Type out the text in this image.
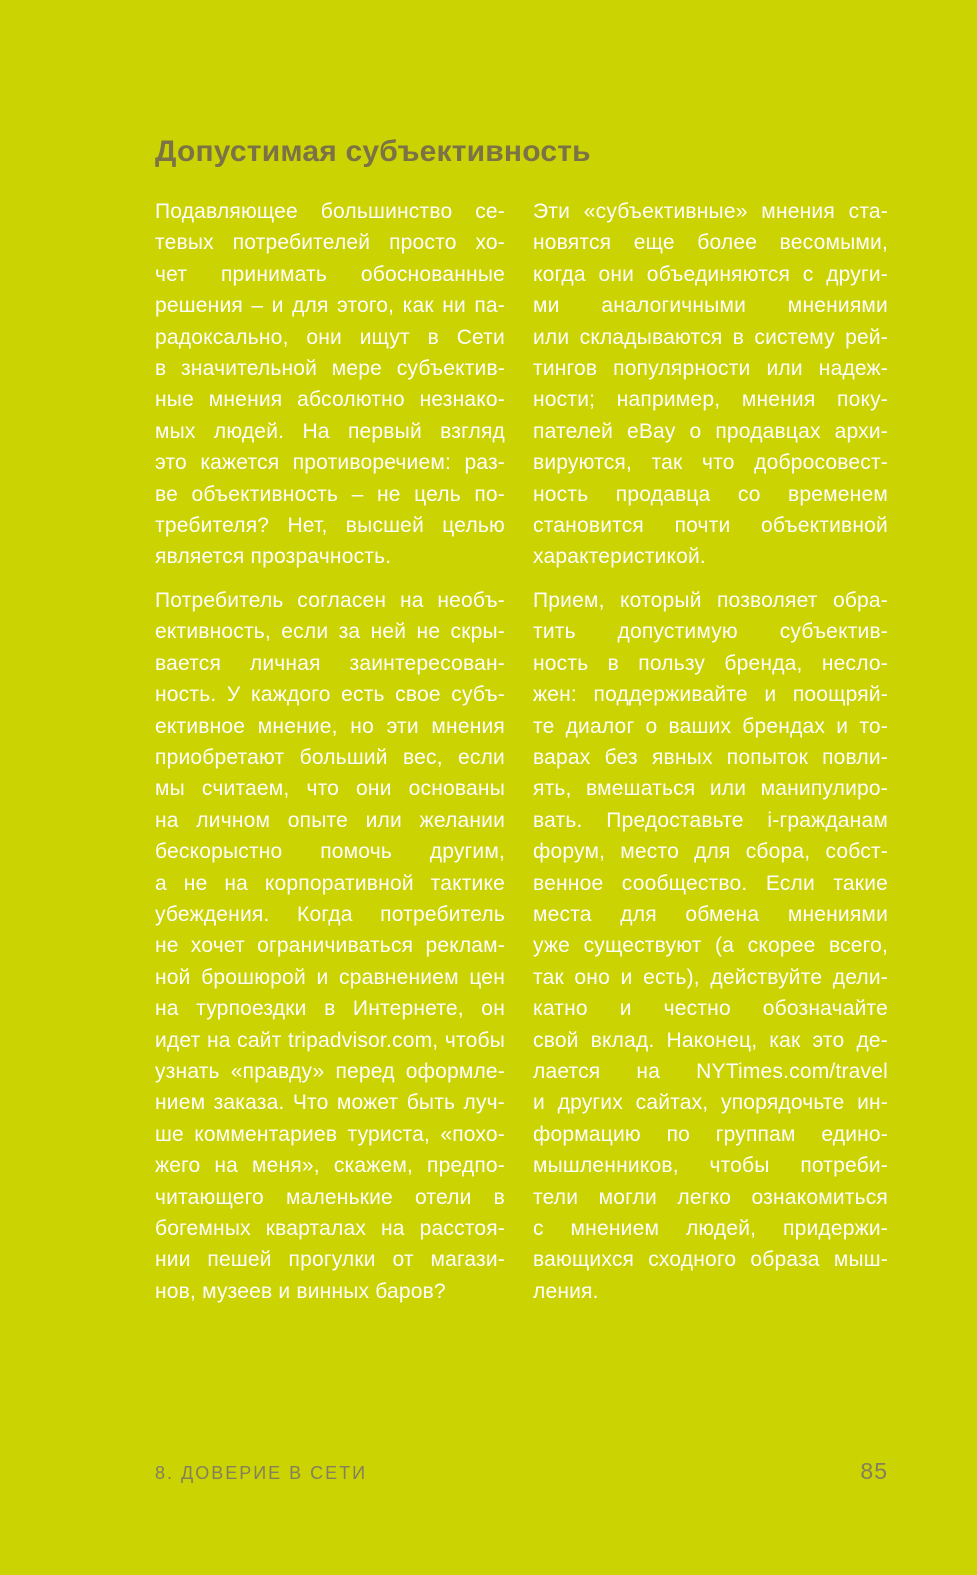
Допустимая субъективность

Подавляющее большинство се-
тевых потребителей просто хо-
чет принимать обоснованные
решения – и для этого, как ни па-
радоксально, они ищут в Сети
в значительной мере субъектив-
ные мнения абсолютно незнако-
мых людей. На первый взгляд
это кажется противоречием: раз-
ве объективность – не цель по-
требителя? Нет, высшей целью
является прозрачность.

Потребитель согласен на необъ-
ективность, если за ней не скры-
вается личная заинтересован-
ность. У каждого есть свое субъ-
ективное мнение, но эти мнения
приобретают больший вес, если
мы считаем, что они основаны
на личном опыте или желании
бескорыстно помочь другим,
а не на корпоративной тактике
убеждения. Когда потребитель
не хочет ограничиваться реклам-
ной брошюрой и сравнением цен
на турпоездки в Интернете, он
идет на сайт tripadvisor.com, чтобы
узнать «правду» перед оформле-
нием заказа. Что может быть луч-
ше комментариев туриста, «похо-
жего на меня», скажем, предпо-
читающего маленькие отели в
богемных кварталах на расстоя-
нии пешей прогулки от магази-
нов, музеев и винных баров?

Эти «субъективные» мнения ста-
новятся еще более весомыми,
когда они объединяются с други-
ми аналогичными мнениями
или складываются в систему рей-
тингов популярности или надеж-
ности; например, мнения поку-
пателей eBay о продавцах архи-
вируются, так что добросовест-
ность продавца со временем
становится почти объективной
характеристикой.

Прием, который позволяет обра-
тить допустимую субъектив-
ность в пользу бренда, несло-
жен: поддерживайте и поощряй-
те диалог о ваших брендах и то-
варах без явных попыток повли-
ять, вмешаться или манипулиро-
вать. Предоставьте i-гражданам
форум, место для сбора, собст-
венное сообщество. Если такие
места для обмена мнениями
уже существуют (а скорее всего,
так оно и есть), действуйте дели-
катно и честно обозначайте
свой вклад. Наконец, как это де-
лается на NYTimes.com/travel
и других сайтах, упорядочьте ин-
формацию по группам едино-
мышленников, чтобы потреби-
тели могли легко ознакомиться
с мнением людей, придержи-
вающихся сходного образа мыш-
ления.

8. ДОВЕРИЕ В СЕТИ	85
